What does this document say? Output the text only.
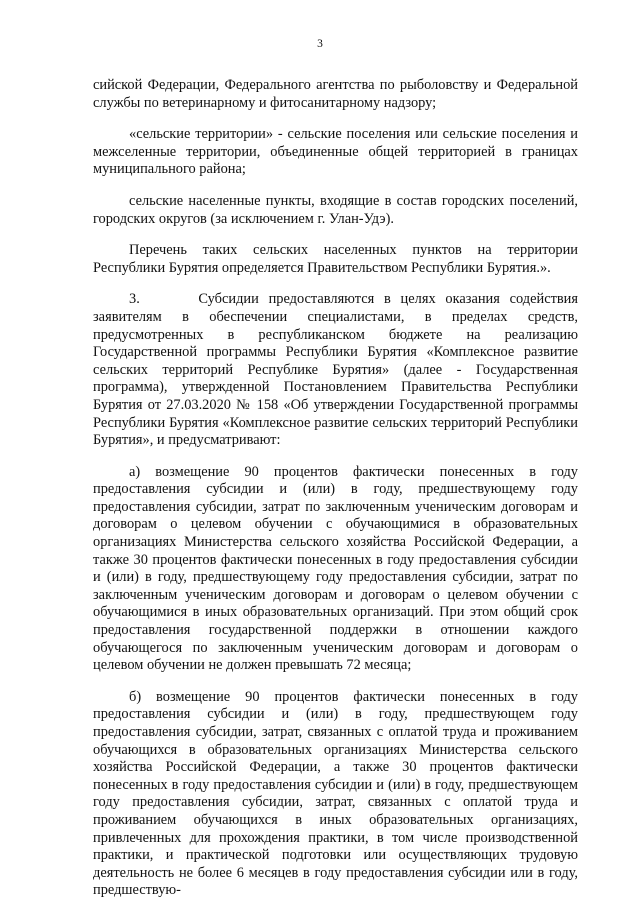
3

сийской Федерации, Федерального агентства по рыболовству и Федеральной службы по ветеринарному и фитосанитарному надзору;

«сельские территории» - сельские поселения или сельские поселения и межселенные территории, объединенные общей территорией в границах муниципального района;

сельские населенные пункты, входящие в состав городских поселений, городских округов (за исключением г. Улан-Удэ).

Перечень таких сельских населенных пунктов на территории Республики Бурятия определяется Правительством Республики Бурятия.».

3.      Субсидии предоставляются в целях оказания содействия заявителям в обеспечении специалистами, в пределах средств, предусмотренных в республиканском бюджете на реализацию Государственной программы Республики Бурятия «Комплексное развитие сельских территорий Республике Бурятия» (далее - Государственная программа), утвержденной Постановлением Правительства Республики Бурятия от 27.03.2020 № 158 «Об утверждении Государственной программы Республики Бурятия «Комплексное развитие сельских территорий Республики Бурятия», и предусматривают:

а) возмещение 90 процентов фактически понесенных в году предоставления субсидии и (или) в году, предшествующему году предоставления субсидии, затрат по заключенным ученическим договорам и договорам о целевом обучении с обучающимися в образовательных организациях Министерства сельского хозяйства Российской Федерации, а также 30 процентов фактически понесенных в году предоставления субсидии и (или) в году, предшествующему году предоставления субсидии, затрат по заключенным ученическим договорам и договорам о целевом обучении с обучающимися в иных образовательных организаций. При этом общий срок предоставления государственной поддержки в отношении каждого обучающегося по заключенным ученическим договорам и договорам о целевом обучении не должен превышать 72 месяца;

б) возмещение 90 процентов фактически понесенных в году предоставления субсидии и (или) в году, предшествующем году предоставления субсидии, затрат, связанных с оплатой труда и проживанием обучающихся в образовательных организациях Министерства сельского хозяйства Российской Федерации, а также 30 процентов фактически понесенных в году предоставления субсидии и (или) в году, предшествующем году предоставления субсидии, затрат, связанных с оплатой труда и проживанием обучающихся в иных образовательных организациях, привлеченных для прохождения практики, в том числе производственной практики, и практической подготовки или осуществляющих трудовую деятельность не более 6 месяцев в году предоставления субсидии или в году, предшествую-
